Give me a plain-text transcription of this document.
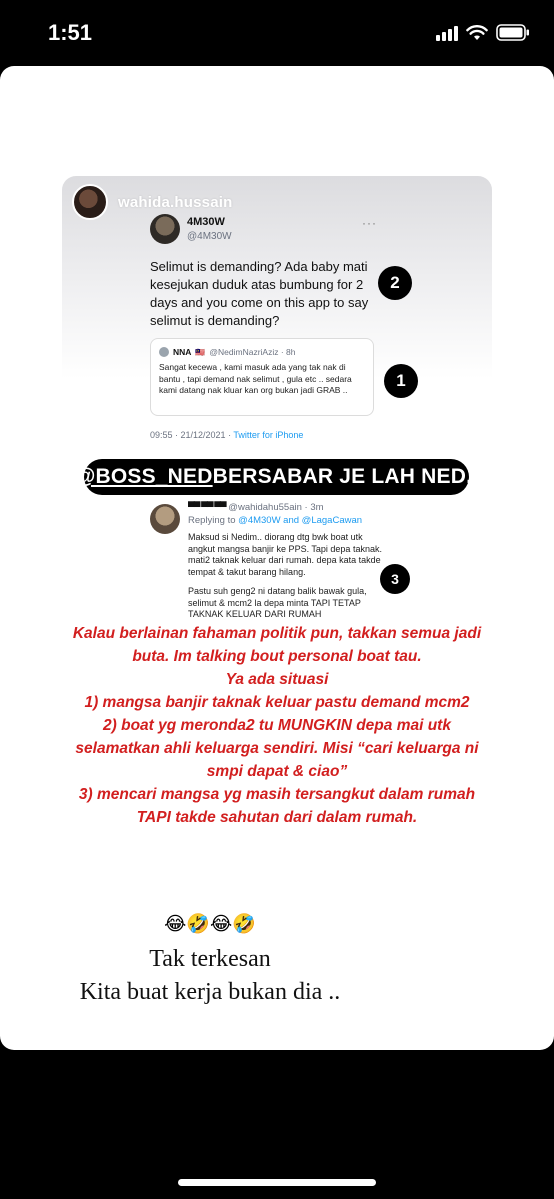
1:51
wahida.hussain
4M30W
@4M30W
···
Selimut is demanding? Ada baby mati kesejukan duduk atas bumbung for 2 days and you come on this app to say selimut is demanding?
NNA 🇲🇾 @NedimNazriAziz · 8h
Sangat kecewa , kami masuk ada yang tak nak di bantu , tapi demand nak selimut , gula etc .. sedara kami datang nak kluar kan org bukan jadi GRAB ..
09:55 · 21/12/2021 · Twitter for iPhone
2
1
@BOSS_NED BERSABAR JE LAH NED..
▀▀ ▀▀ ▀▀ @wahidahu55ain · 3m
Replying to @4M30W and @LagaCawan
Maksud si Nedim.. diorang dtg bwk boat utk angkut mangsa banjir ke PPS. Tapi depa taknak. mati2 taknak keluar dari rumah. depa kata takde tempat & takut barang hilang.
Pastu suh geng2 ni datang balik bawak gula, selimut & mcm2 la depa minta TAPI TETAP TAKNAK KELUAR DARI RUMAH
3

Kalau berlainan fahaman politik pun, takkan semua jadi buta. Im talking bout personal boat tau.

Ya ada situasi

1) mangsa banjir taknak keluar pastu demand mcm2

2) boat yg meronda2 tu MUNGKIN depa mai utk selamatkan ahli keluarga sendiri. Misi “cari keluarga ni smpi dapat & ciao”

3) mencari mangsa yg masih tersangkut dalam rumah TAPI takde sahutan dari dalam rumah.

😂🤣😂🤣
Tak terkesan
Kita buat kerja bukan dia ..
